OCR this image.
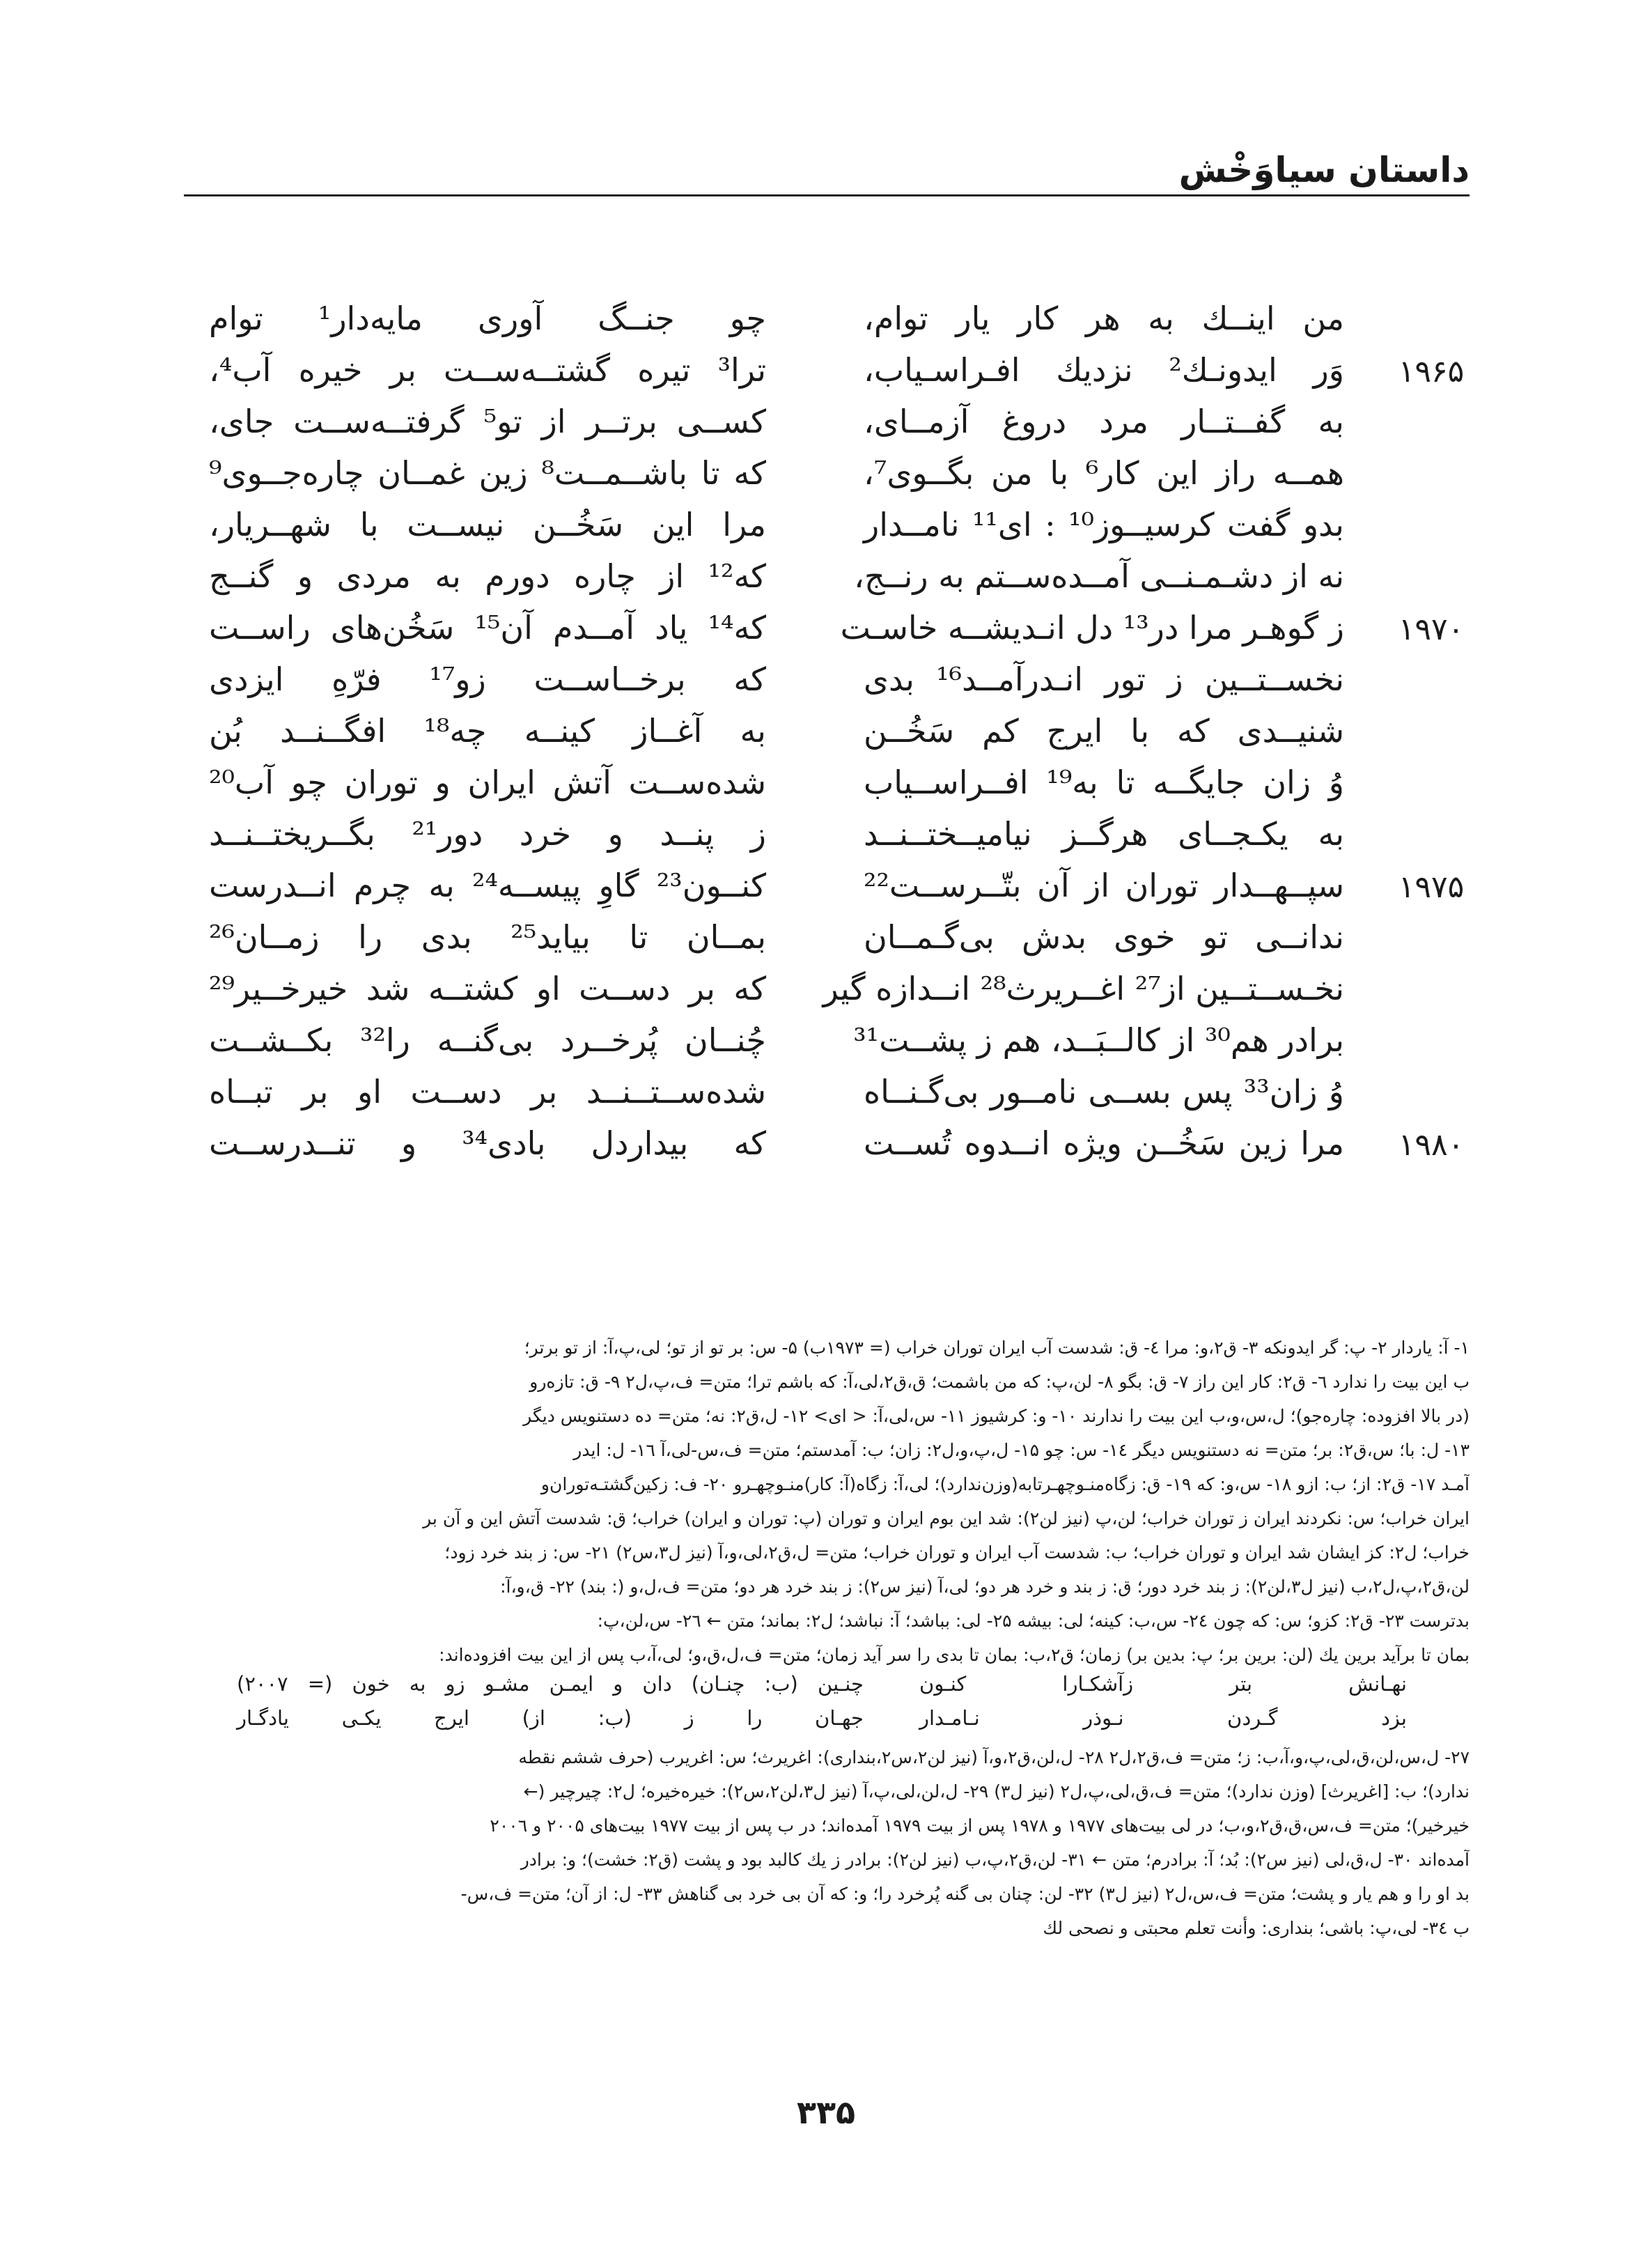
داستان سیاوَخْش
من اینــك به هر کار یار توام،
چو جنــگ آوری مایه‌دار¹ توام
۱۹۶۵
وَر ایدونـك² نزدیك افـراسـیاب،
ترا³ تیره گشتــه‌ســت بر خیره آب⁴،
به گفــتــار مرد دروغ آزمــای،
کســی برتــر از تو⁵ گرفتــه‌ســت جای،
همــه راز این کار⁶ با من بگــوی⁷،
که تا باشــمــت⁸ زین غمــان چاره‌جــوی⁹
بدو گفت کرسیــوز¹⁰ : ای¹¹ نامــدار
مرا این سَخُــن نیســت با شهــریار،
نه از دشـمـنــی آمــده‌ســتم به رنــج،
که¹² از چاره دورم به مردی و گنــج
۱۹۷۰
ز گوهـر مرا در¹³ دل انـدیشــه خاسـت
که¹⁴ یاد آمــدم آن¹⁵ سَخُن‌های راســت
نخســتــین ز تور انـدرآمــد¹⁶ بدی
که برخــاســت زو¹⁷ فرّهِ ایزدی
شنیــدی که با ایرج کم سَخُــن
به آغــاز کینــه چه¹⁸ افگــنــد بُن
وُ زان جایگــه تا به¹⁹ افــراســیاب
شده‌ســت آتش ایران و توران چو آب²⁰
به یکـجــای هرگــز نیامیــختــنــد
ز پنــد و خرد دور²¹ بگــریختــنــد
۱۹۷۵
سپــهــدار توران از آن بتّــرســت²²
کنــون²³ گاوِ پیســه²⁴ به چرم انــدرست
ندانــی تو خوی بدش بی‌گـمــان
بمــان تا بیاید²⁵ بدی را زمــان²⁶
نخـســتــین از²⁷ اغــریرث²⁸ انــدازه گیر
که بر دســت او کشتــه شد خیرخــیر²⁹
برادر هم³⁰ از کالــبَــد، هم ز پشــت³¹
چُنــان پُرخــرد بی‌گنــه را³² بکــشــت
وُ زان³³ پس بســی نامــور بی‌گـنــاه
شده‌ســتــنــد بر دســت او بر تبــاه
۱۹۸۰
مرا زین سَخُــن ویژه انــدوه تُســت
که بیداردل بادی³⁴ و تنــدرســت
۱- آ: یاردار ۲- پ: گر ایدونکه ۳- ق۲،و: مرا ٤- ق: شدست آب ایران توران خراب (= ۱۹۷۳ب) ۵- س: بر تو از تو؛ لی،پ،آ: از تو برتر؛
ب این بیت را ندارد ٦- ق۲: کار این راز ۷- ق: بگو ۸- لن،پ: که من باشمت؛ ق،ق۲،لی،آ: که باشم ترا؛ متن= ف،پ،ل۲ ۹- ق: تازه‌رو
(در بالا افزوده: چاره‌جو)؛ ل،س،و،ب این بیت را ندارند ۱۰- و: کرشیوز ۱۱- س،لی،آ: < ای> ۱۲- ل،ق۲: نه؛ متن= ده دستنویس دیگر
۱۳- ل: با؛ س،ق۲: بر؛ متن= نه دستنویس دیگر ۱٤- س: چو ۱۵- ل،پ،و،ل۲: زان؛ ب: آمدستم؛ متن= ف،س-لی،آ ۱٦- ل: ایدر
آمـد ۱۷- ق۲: از؛ ب: ازو ۱۸- س،و: که ۱۹- ق: زگاه‌منـوچهـرتابه(وزن‌ندارد)؛ لی،آ: زگاه(آ: کار)منـوچهـرو ۲۰- ف: زکین‌گشتـه‌توران‌و
ایران خراب؛ س: نکردند ایران ز توران خراب؛ لن،پ (نیز لن۲): شد این بوم ایران و توران (پ: توران و ایران) خراب؛ ق: شدست آتش این و آن بر
خراب؛ ل۲: کز ایشان شد ایران و توران خراب؛ ب: شدست آب ایران و توران خراب؛ متن= ل،ق۲،لی،و،آ (نیز ل۳،س۲) ۲۱- س: ز بند خرد زود؛
لن،ق۲،پ،ل۲،ب (نیز ل۳،لن۲): ز بند خرد دور؛ ق: ز بند و خرد هر دو؛ لی،آ (نیز س۲): ز بند خرد هر دو؛ متن= ف،ل،و (: بند) ۲۲- ق،و،آ:
بدترست ۲۳- ق۲: کزو؛ س: که چون ۲٤- س،ب: کینه؛ لی: بیشه ۲۵- لی: بباشد؛ آ: نباشد؛ ل۲: بماند؛ متن ← ۲٦- س،لن،پ:
بمان تا برآید برین یك (لن: برین بر؛ پ: بدین بر) زمان؛ ق۲،ب: بمان تا بدی را سر آید زمان؛ متن= ف،ل،ق،و؛ لی،آ،ب پس از این بیت افزوده‌اند:
نهـانش بتر زآشکـارا کنـون
چنـین (ب: چنـان) دان و ایمـن مشـو زو به خون (= ۲۰۰۷)
بزد گـردن نـوذر نـامـدار
جهـان را ز (ب: از) ایرج یکـی یادگـار
۲۷- ل،س،لن،ق،لی،پ،و،آ،ب: ز؛ متن= ف،ق۲،ل۲ ۲۸- ل،لن،ق۲،و،آ (نیز لن۲،س۲،بنداری): اغریرث؛ س: اغریرب (حرف ششم نقطه
ندارد)؛ ب: [اغریرث] (وزن ندارد)؛ متن= ف،ق،لی،پ،ل۲ (نیز ل۳) ۲۹- ل،لن،لی،پ،آ (نیز ل۳،لن۲،س۲): خیره‌خیره؛ ل۲: چیرچیر (←
خیرخیر)؛ متن= ف،س،ق،ق۲،و،ب؛ در لی بیت‌های ۱۹۷۷ و ۱۹۷۸ پس از بیت ۱۹۷۹ آمده‌اند؛ در ب پس از بیت ۱۹۷۷ بیت‌های ۲۰۰۵ و ۲۰۰٦
آمده‌اند ۳۰- ل،ق،لی (نیز س۲): بُد؛ آ: برادرم؛ متن ← ۳۱- لن،ق۲،پ،ب (نیز لن۲): برادر ز یك کالبد بود و پشت (ق۲: خشت)؛ و: برادر
بد او را و هم یار و پشت؛ متن= ف،س،ل۲ (نیز ل۳) ۳۲- لن: چنان بی گنه پُرخرد را؛ و: که آن بی خرد بی گناهش ۳۳- ل: از آن؛ متن= ف،س-
ب ۳٤- لی،پ: باشی؛ بنداری: وأنت تعلم محبتی و نصحی لك
۳۳۵
